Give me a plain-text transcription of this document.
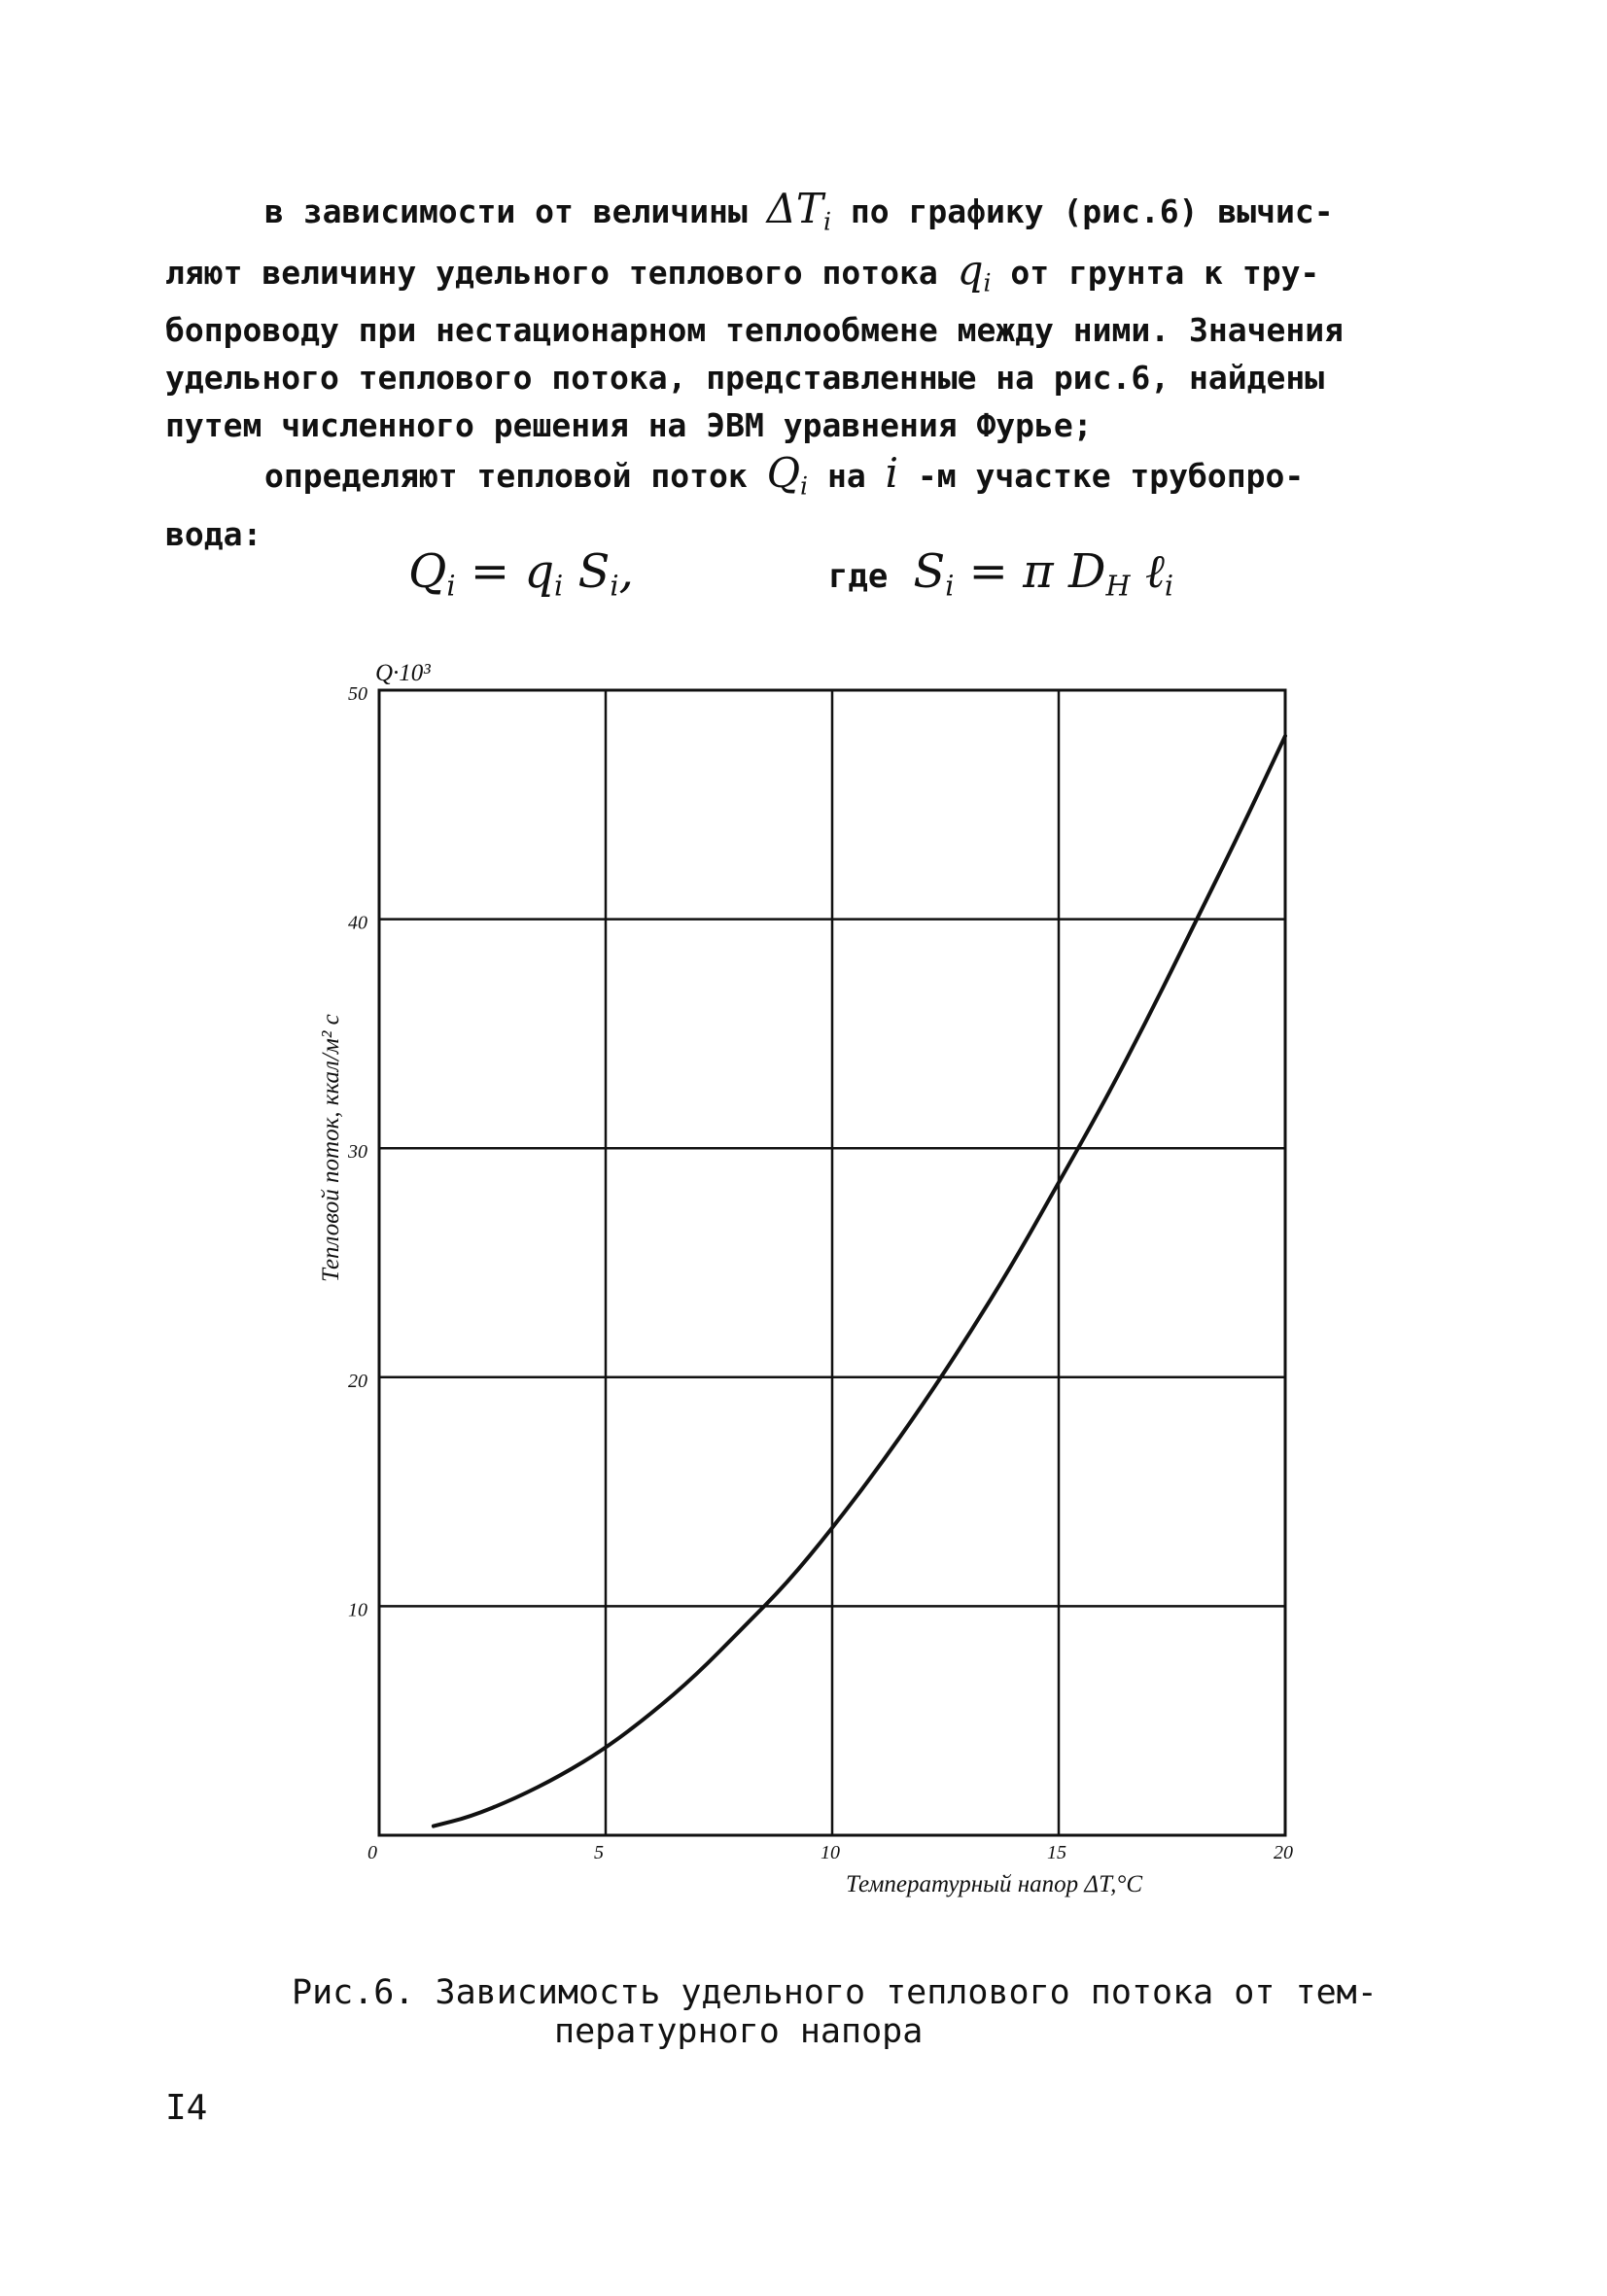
в зависимости от величины $\Delta T_i$ по графику (рис.6) вычис-
ляют величину удельного теплового потока $q_i$ от грунта к тру-
бопроводу при нестационарном теплообмене между ними. Значения
удельного теплового потока, представленные на рис.6, найдены
путем численного решения на ЭВМ уравнения Фурье;
определяют тепловой поток $Q_i$ на i -м участке трубопро-
вода:
$Q_i = q_i$ $S_i$,	где $S_i = \pi$ $D_H$ ℓ$_i$
0	5	10	15	20
10
20
30
40
50
Q·10³
Температурный напор ΔT,°C
Тепловой поток, ккал/м² с
Рис.6. Зависимость удельного теплового потока от тем-
пературного напора
I4
